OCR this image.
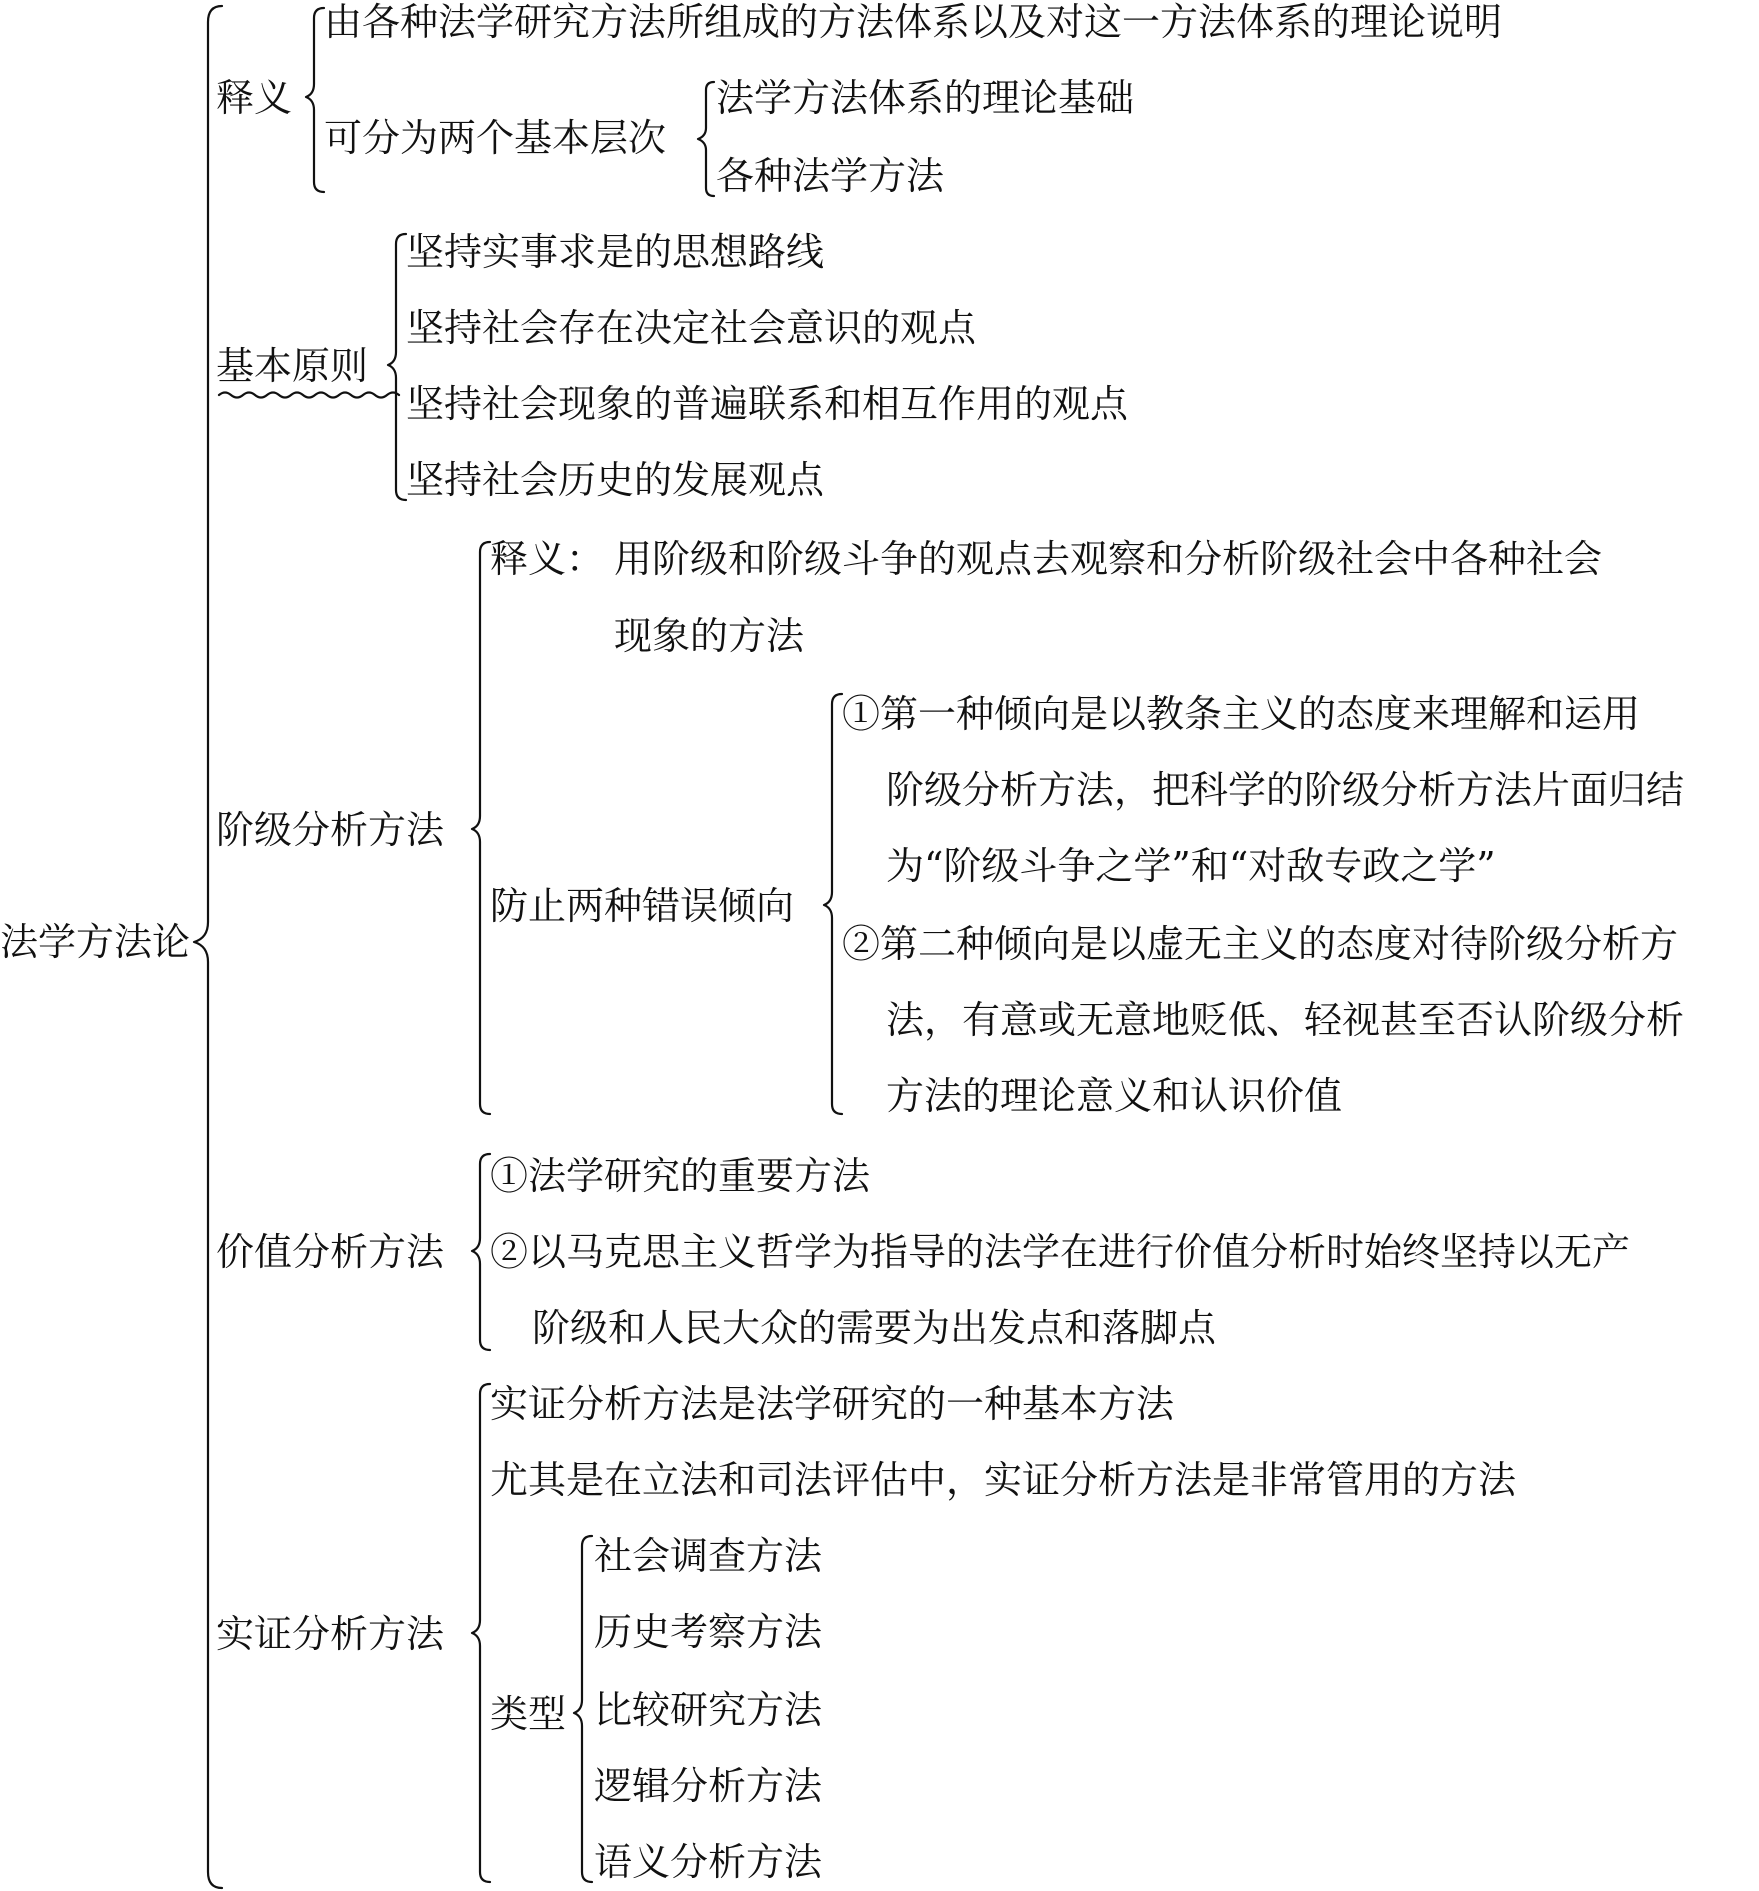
法学方法论
释义
由各种法学研究方法所组成的方法体系以及对这一方法体系的理论说明
可分为两个基本层次
法学方法体系的理论基础
各种法学方法
基本原则
坚持实事求是的思想路线
坚持社会存在决定社会意识的观点
坚持社会现象的普遍联系和相互作用的观点
坚持社会历史的发展观点
阶级分析方法
释义： 用阶级和阶级斗争的观点去观察和分析阶级社会中各种社会
现象的方法
防止两种错误倾向
①第一种倾向是以教条主义的态度来理解和运用
阶级分析方法，把科学的阶级分析方法片面归结
为“阶级斗争之学”和“对敌专政之学”
②第二种倾向是以虚无主义的态度对待阶级分析方
法，有意或无意地贬低、轻视甚至否认阶级分析
方法的理论意义和认识价值
价值分析方法
①法学研究的重要方法
②以马克思主义哲学为指导的法学在进行价值分析时始终坚持以无产
阶级和人民大众的需要为出发点和落脚点
实证分析方法
实证分析方法是法学研究的一种基本方法
尤其是在立法和司法评估中，实证分析方法是非常管用的方法
类型
社会调查方法
历史考察方法
比较研究方法
逻辑分析方法
语义分析方法
